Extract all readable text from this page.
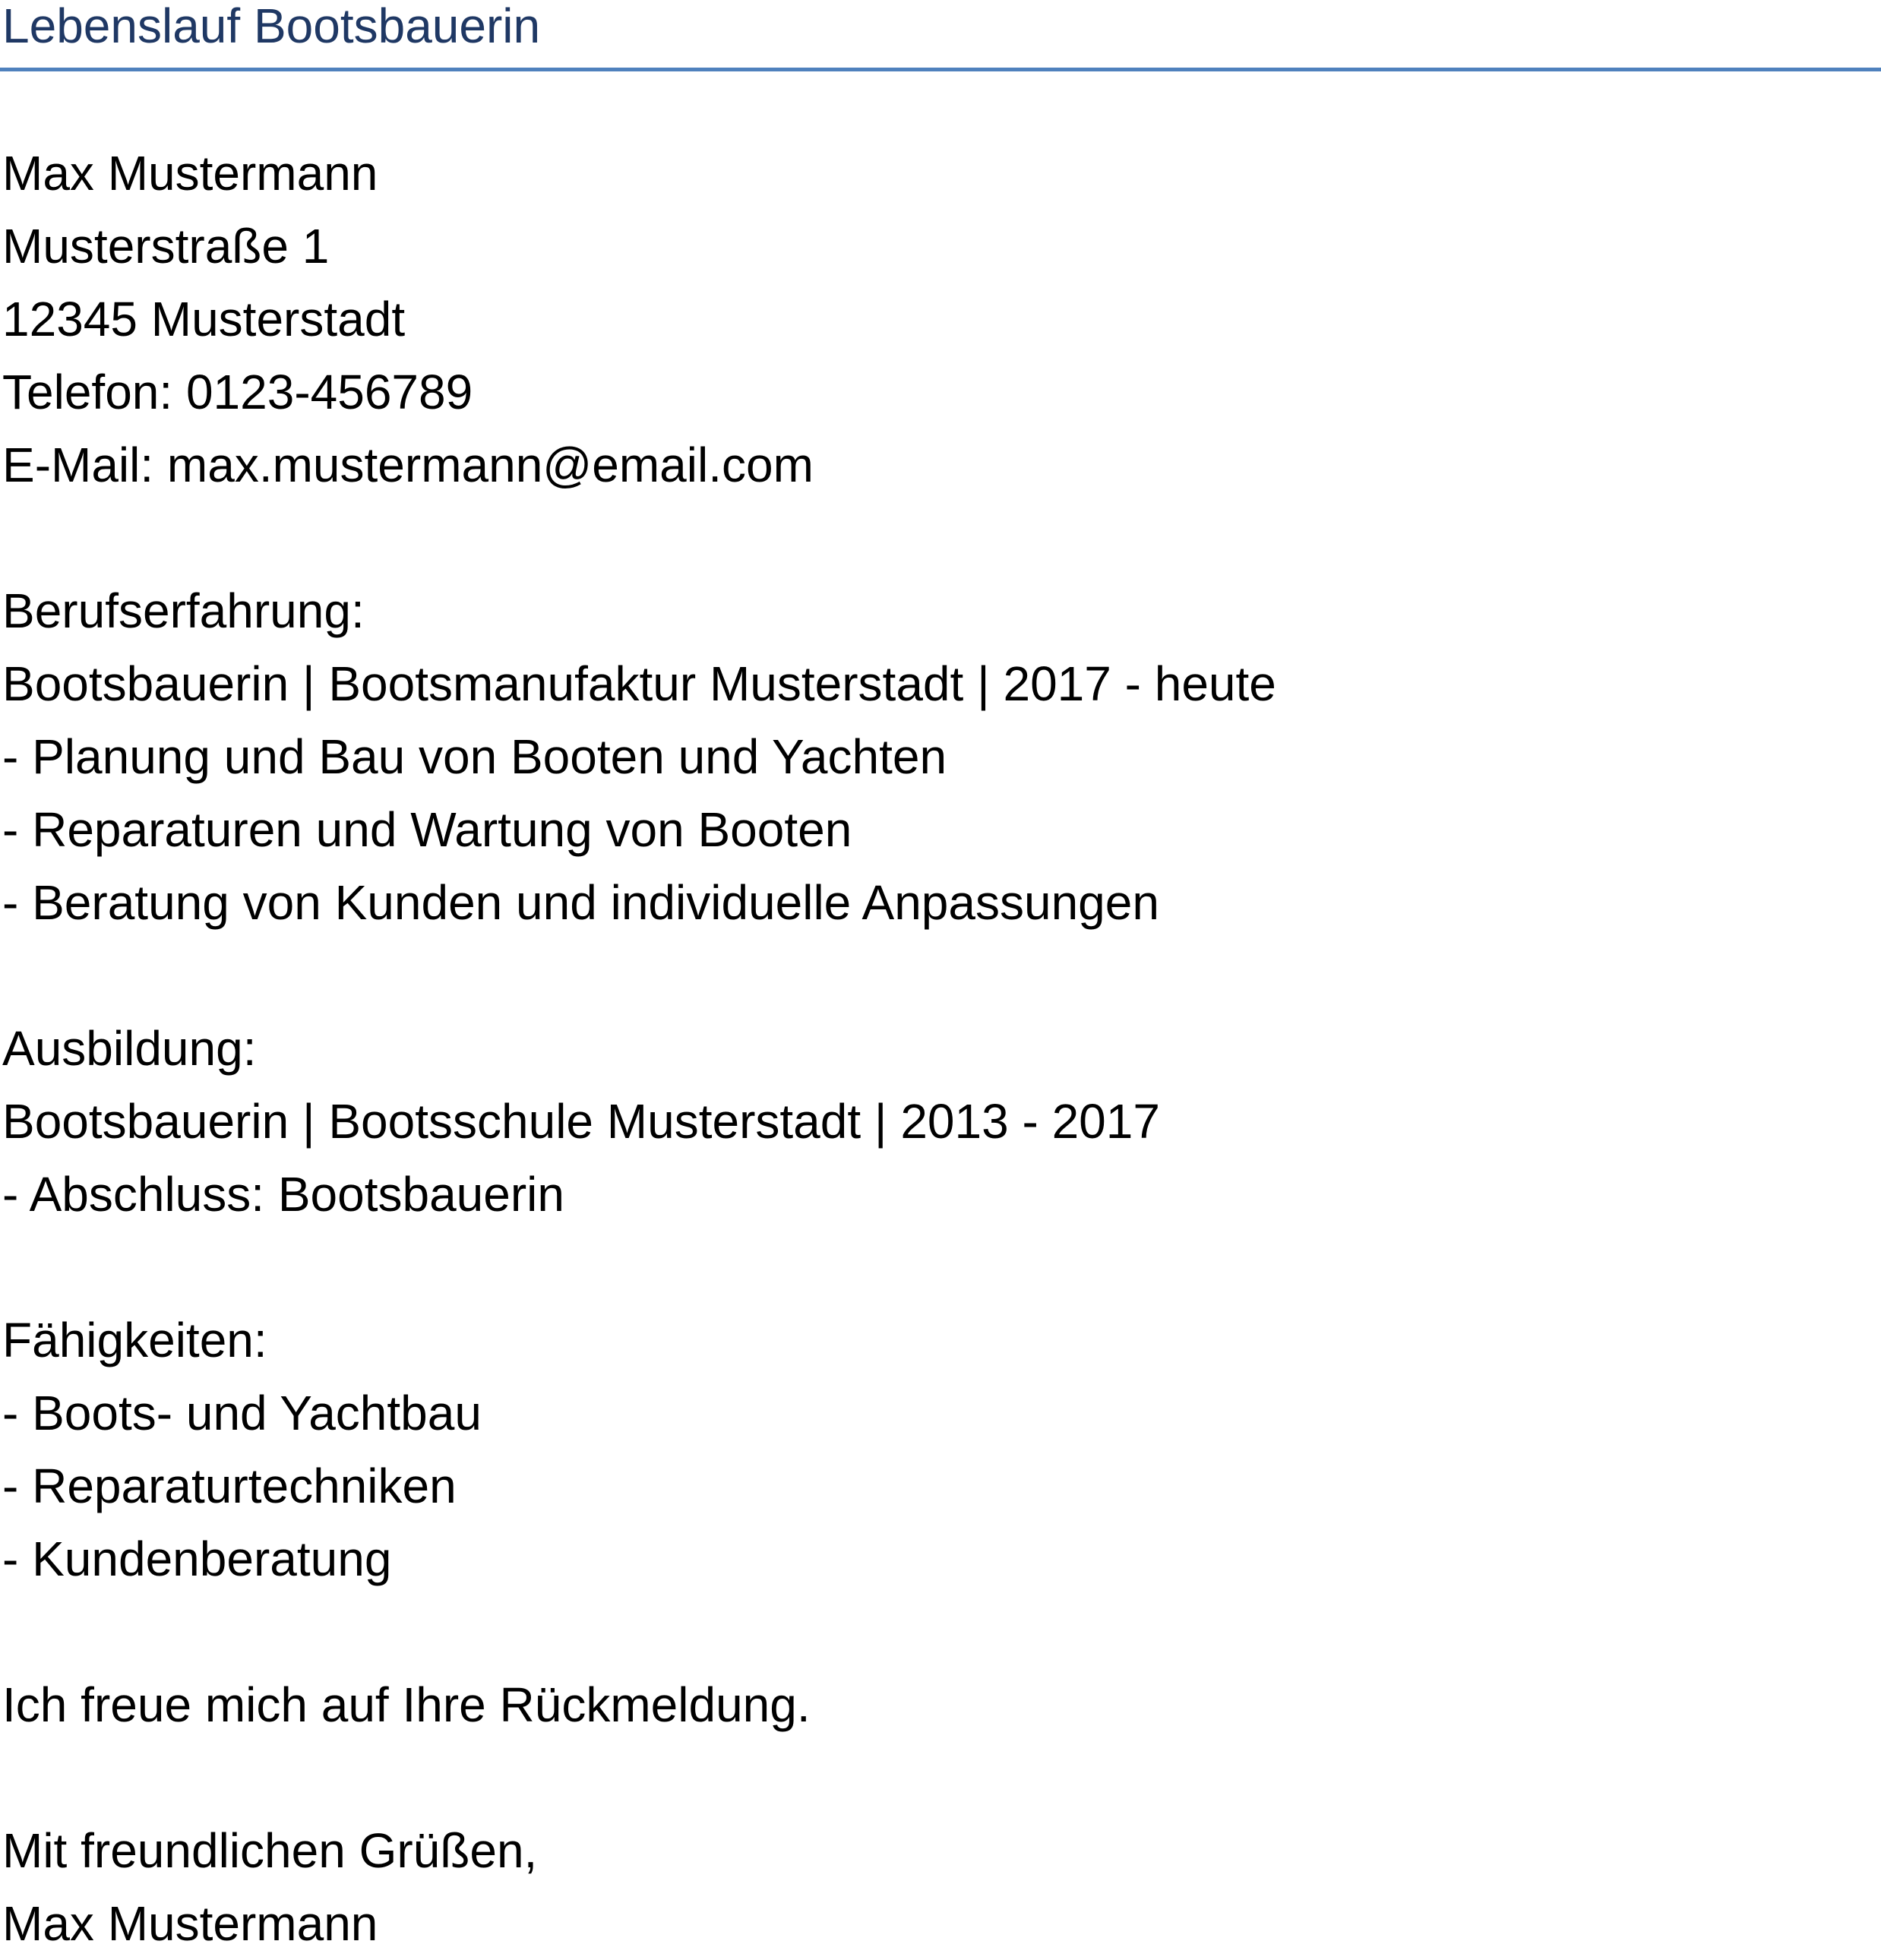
Lebenslauf Bootsbauerin
Max Mustermann
Musterstraße 1
12345 Musterstadt
Telefon: 0123-456789
E-Mail: max.mustermann@email.com
Berufserfahrung:
Bootsbauerin | Bootsmanufaktur Musterstadt | 2017 - heute
- Planung und Bau von Booten und Yachten
- Reparaturen und Wartung von Booten
- Beratung von Kunden und individuelle Anpassungen
Ausbildung:
Bootsbauerin | Bootsschule Musterstadt | 2013 - 2017
- Abschluss: Bootsbauerin
Fähigkeiten:
- Boots- und Yachtbau
- Reparaturtechniken
- Kundenberatung
Ich freue mich auf Ihre Rückmeldung.
Mit freundlichen Grüßen,
Max Mustermann
